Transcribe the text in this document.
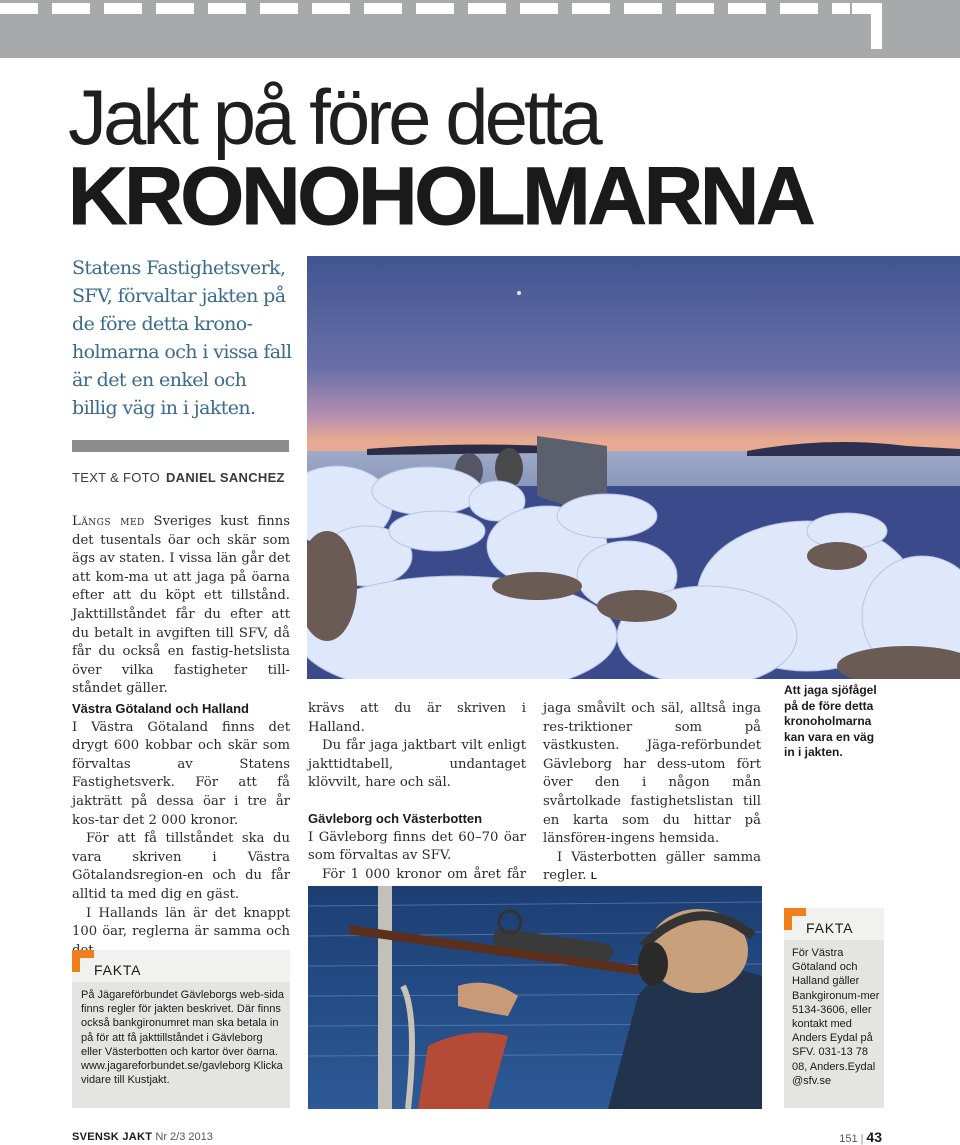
Jakt på före detta
KRONOHOLMARNA
Statens Fastighetsverk, SFV, förvaltar jakten på de före detta krono-holmarna och i vissa fall är det en enkel och billig väg in i jakten.
TEXT & FOTO DANIEL SANCHEZ
Längs med Sveriges kust finns det tusentals öar och skär som ägs av staten. I vissa län går det att kom-ma ut att jaga på öarna efter att du köpt ett tillstånd. Jakttillståndet får du efter att du betalt in avgiften till SFV, då får du också en fastig-hetslista över vilka fastigheter till-ståndet gäller.
Västra Götaland och Halland

I Västra Götaland finns det drygt 600 kobbar och skär som förvaltas av Statens Fastighetsverk. För att få jakträtt på dessa öar i tre år kos-tar det 2 000 kronor.

För att få tillståndet ska du vara skriven i Västra Götalandsregion-en och du får alltid ta med dig en gäst.

I Hallands län är det knappt 100 öar, reglerna är samma och

krävs att du är skriven i Halland.

Du får jaga jaktbart vilt enligt jakttidtabell, undantaget klövvilt, hare och säl.

Gävleborg och Västerbotten

I Gävleborg finns det 60–70 öar som förvaltas av SFV.

För 1 000 kronor om året får

jaga småvilt och säl, alltså inga res-triktioner som på västkusten. Jäga-reförbundet Gävleborg har dess-utom fört över den i någon mån svårtolkade fastighetslistan till en karta som du hittar på länsförен-ingens hemsida.

I Västerbotten gäller samma regler. L

Att jaga sjöfågel på de före detta kronoholmarna kan vara en väg in i jakten.
FAKTA
På Jägareförbundet Gävleborgs web-sida finns regler för jakten beskrivet. Där finns också bankgironumret man ska betala in på för att få jakttillståndet i Gävleborg eller Västerbotten och kartor över öarna. www.jagareforbundet.se/gavleborg Klicka vidare till Kustjakt.
FAKTA
För Västra Götaland och Halland gäller Bankgironum-mer 5134-3606, eller kontakt med Anders Eydal på SFV. 031-13 78 08, Anders.Eydal @sfv.se
SVENSK JAKT Nr 2/3 2013	151 | 43
